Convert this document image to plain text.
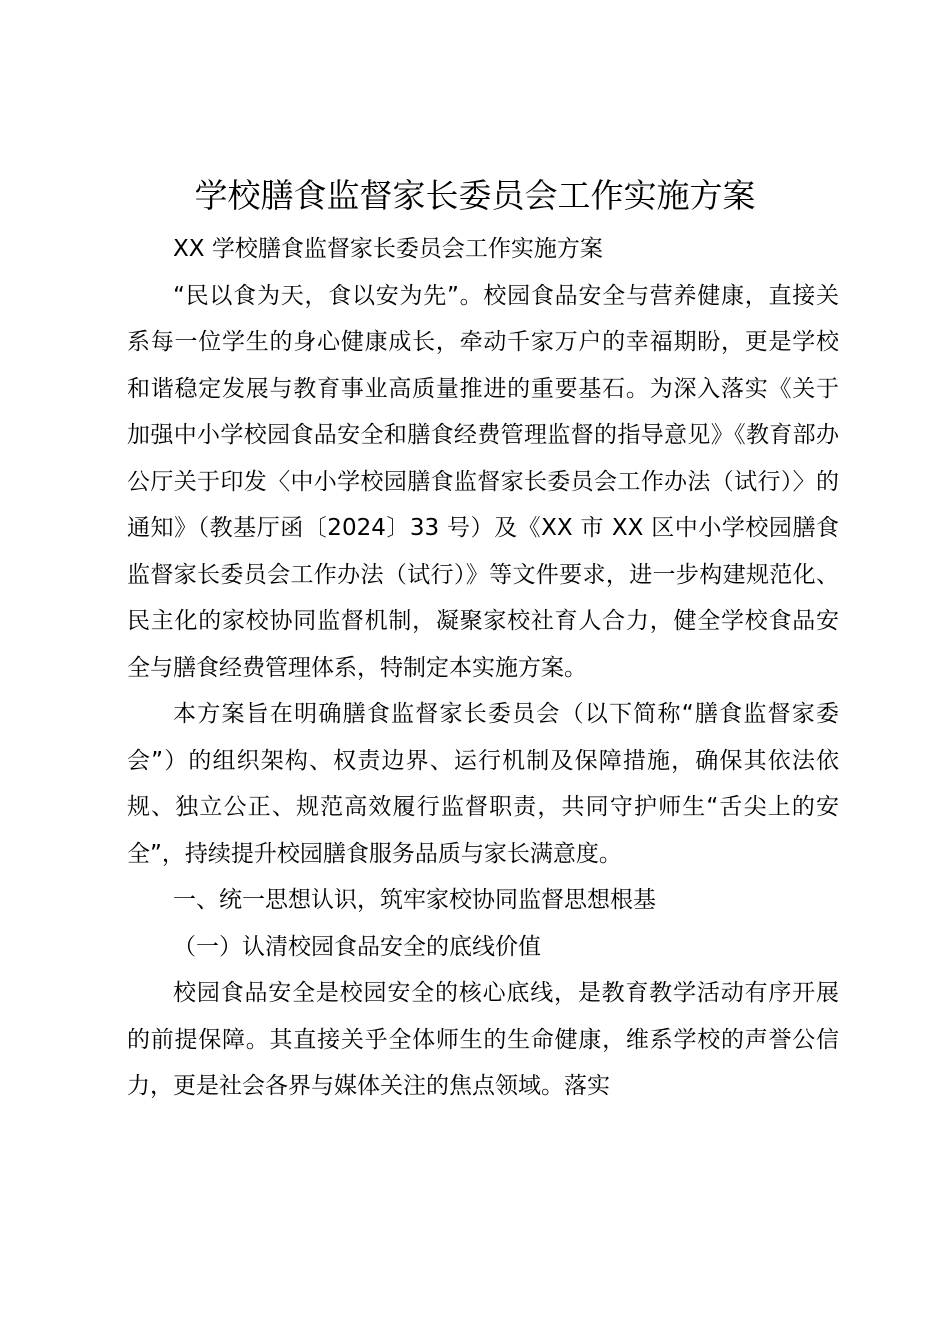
学校膳食监督家长委员会工作实施方案

XX 学校膳食监督家长委员会工作实施方案

“民以食为天，食以安为先”。校园食品安全与营养健康，直接关系每一位学生的身心健康成长，牵动千家万户的幸福期盼，更是学校和谐稳定发展与教育事业高质量推进的重要基石。为深入落实《关于加强中小学校园食品安全和膳食经费管理监督的指导意见》《教育部办公厅关于印发〈中小学校园膳食监督家长委员会工作办法（试行）〉的通知》（教基厅函〔2024〕33 号）及《XX 市 XX 区中小学校园膳食监督家长委员会工作办法（试行）》等文件要求，进一步构建规范化、民主化的家校协同监督机制，凝聚家校社育人合力，健全学校食品安全与膳食经费管理体系，特制定本实施方案。

本方案旨在明确膳食监督家长委员会（以下简称“膳食监督家委会”）的组织架构、权责边界、运行机制及保障措施，确保其依法依规、独立公正、规范高效履行监督职责，共同守护师生“舌尖上的安全”，持续提升校园膳食服务品质与家长满意度。

一、统一思想认识，筑牢家校协同监督思想根基

（一）认清校园食品安全的底线价值

校园食品安全是校园安全的核心底线，是教育教学活动有序开展的前提保障。其直接关乎全体师生的生命健康，维系学校的声誉公信力，更是社会各界与媒体关注的焦点领域。落实
